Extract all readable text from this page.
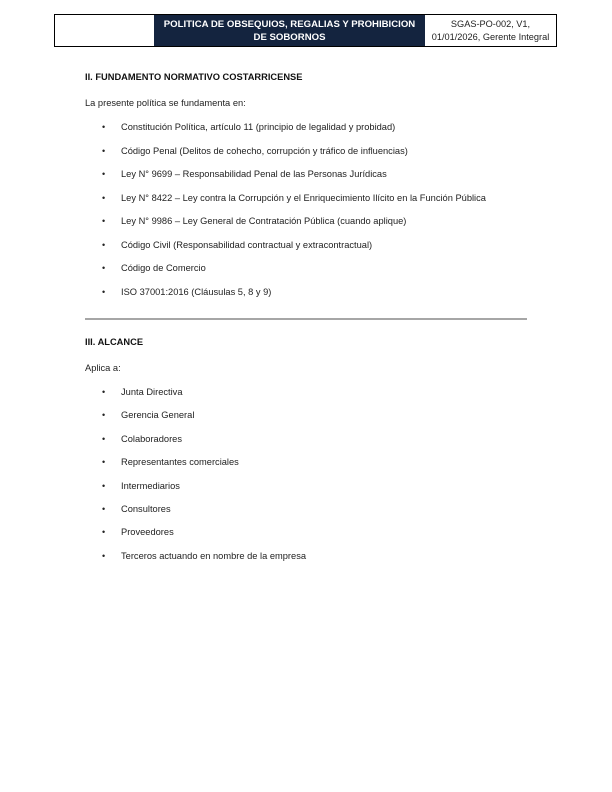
POLITICA DE OBSEQUIOS, REGALIAS Y PROHIBICION DE SOBORNOS
SGAS-PO-002, V1, 01/01/2026, Gerente Integral
II. FUNDAMENTO NORMATIVO COSTARRICENSE
La presente política se fundamenta en:
• Constitución Política, artículo 11 (principio de legalidad y probidad)
• Código Penal (Delitos de cohecho, corrupción y tráfico de influencias)
• Ley N° 9699 – Responsabilidad Penal de las Personas Jurídicas
• Ley N° 8422 – Ley contra la Corrupción y el Enriquecimiento Ilícito en la Función Pública
• Ley N° 9986 – Ley General de Contratación Pública (cuando aplique)
• Código Civil (Responsabilidad contractual y extracontractual)
• Código de Comercio
• ISO 37001:2016 (Cláusulas 5, 8 y 9)
III. ALCANCE
Aplica a:
• Junta Directiva
• Gerencia General
• Colaboradores
• Representantes comerciales
• Intermediarios
• Consultores
• Proveedores
• Terceros actuando en nombre de la empresa
